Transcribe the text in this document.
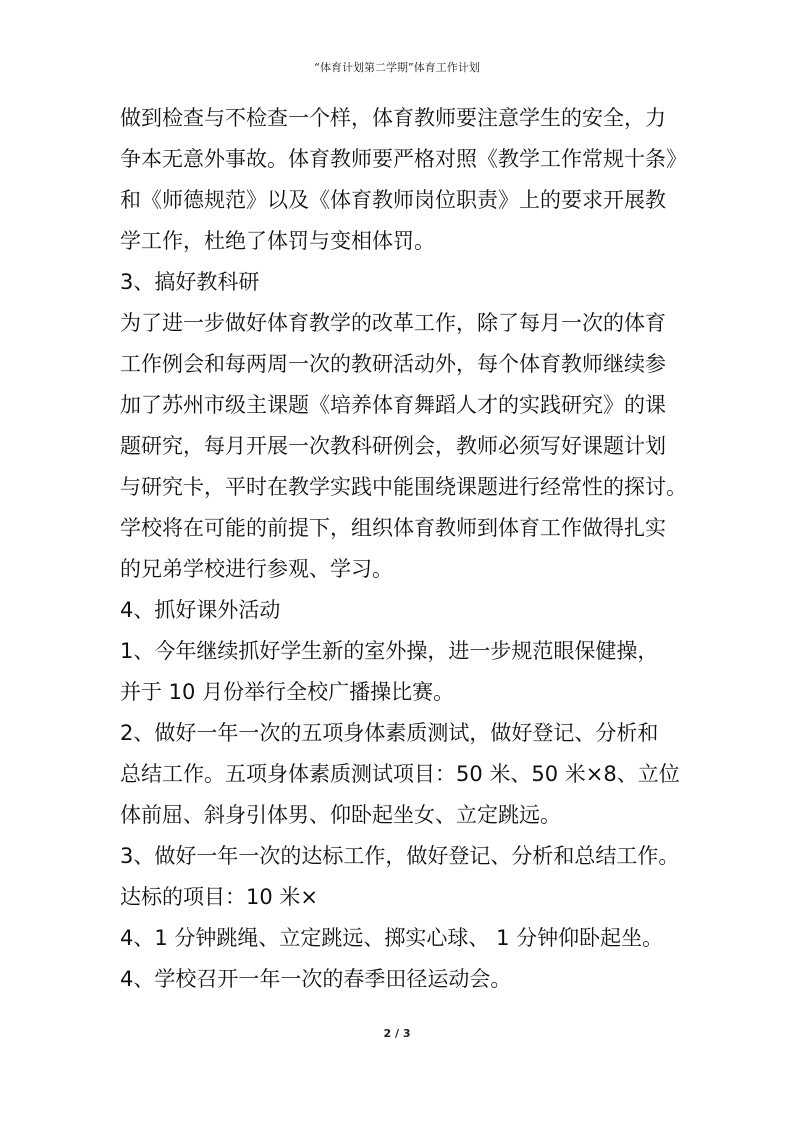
“体育计划第二学期”体育工作计划
做到检查与不检查一个样，体育教师要注意学生的安全，力
争本无意外事故。体育教师要严格对照《教学工作常规十条》
和《师德规范》以及《体育教师岗位职责》上的要求开展教
学工作，杜绝了体罚与变相体罚。
3、搞好教科研
为了进一步做好体育教学的改革工作，除了每月一次的体育
工作例会和每两周一次的教研活动外，每个体育教师继续参
加了苏州市级主课题《培养体育舞蹈人才的实践研究》的课
题研究，每月开展一次教科研例会，教师必须写好课题计划
与研究卡，平时在教学实践中能围绕课题进行经常性的探讨。
学校将在可能的前提下，组织体育教师到体育工作做得扎实
的兄弟学校进行参观、学习。
4、抓好课外活动
1、今年继续抓好学生新的室外操，进一步规范眼保健操，
并于 10 月份举行全校广播操比赛。
2、做好一年一次的五项身体素质测试，做好登记、分析和
总结工作。五项身体素质测试项目：50 米、50 米×8、立位
体前屈、斜身引体男、仰卧起坐女、立定跳远。
3、做好一年一次的达标工作，做好登记、分析和总结工作。
达标的项目：10 米×
4、1 分钟跳绳、立定跳远、掷实心球、 1 分钟仰卧起坐。
4、学校召开一年一次的春季田径运动会。
2 / 3
